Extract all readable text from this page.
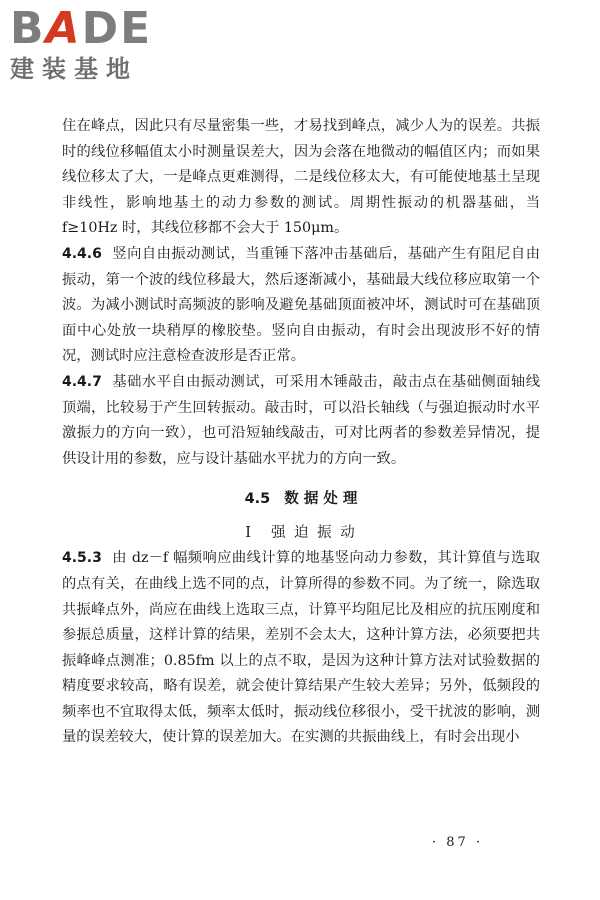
BADE
建装基地

住在峰点，因此只有尽量密集一些，才易找到峰点，减少人为的误差。共振时的线位移幅值太小时测量误差大，因为会落在地微动的幅值区内；而如果线位移太了大，一是峰点更难测得，二是线位移太大，有可能使地基土呈现非线性，影响地基土的动力参数的测试。周期性振动的机器基础，当 f≥10Hz 时，其线位移都不会大于 150μm。

4.4.6 竖向自由振动测试，当重锤下落冲击基础后，基础产生有阻尼自由振动，第一个波的线位移最大，然后逐渐减小，基础最大线位移应取第一个波。为减小测试时高频波的影响及避免基础顶面被冲坏，测试时可在基础顶面中心处放一块稍厚的橡胶垫。竖向自由振动，有时会出现波形不好的情况，测试时应注意检查波形是否正常。

4.4.7 基础水平自由振动测试，可采用木锤敲击，敲击点在基础侧面轴线顶端，比较易于产生回转振动。敲击时，可以沿长轴线（与强迫振动时水平激振力的方向一致），也可沿短轴线敲击，可对比两者的参数差异情况，提供设计用的参数，应与设计基础水平扰力的方向一致。

4.5 数 据 处 理
Ⅰ 强 迫 振 动

4.5.3 由 dz－f 幅频响应曲线计算的地基竖向动力参数，其计算值与选取的点有关，在曲线上选不同的点，计算所得的参数不同。为了统一，除选取共振峰点外，尚应在曲线上选取三点，计算平均阻尼比及相应的抗压刚度和参振总质量，这样计算的结果，差别不会太大，这种计算方法，必须要把共振峰峰点测准；0.85fm 以上的点不取，是因为这种计算方法对试验数据的精度要求较高，略有误差，就会使计算结果产生较大差异；另外，低频段的频率也不宜取得太低，频率太低时，振动线位移很小，受干扰波的影响，测量的误差较大，使计算的误差加大。在实测的共振曲线上，有时会出现小

· 87 ·
